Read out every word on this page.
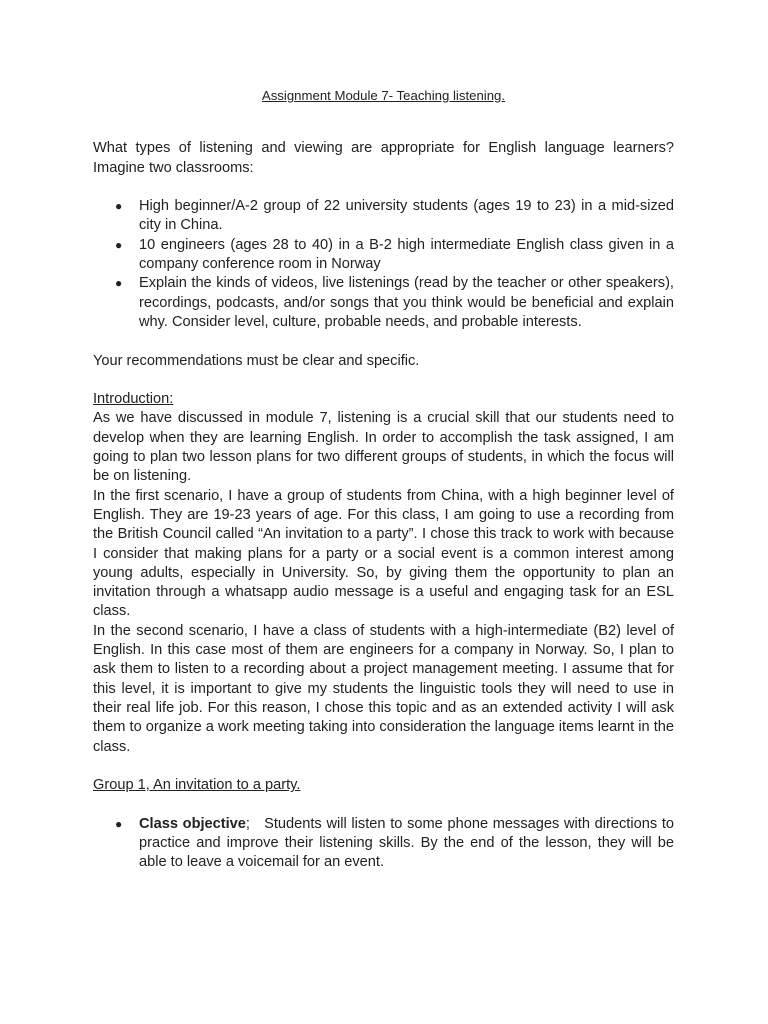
Assignment Module 7- Teaching listening.

What types of listening and viewing are appropriate for English language learners? Imagine two classrooms:

● High beginner/A-2 group of 22 university students (ages 19 to 23) in a mid-sized city in China.
● 10 engineers (ages 28 to 40) in a B-2 high intermediate English class given in a company conference room in Norway
● Explain the kinds of videos, live listenings (read by the teacher or other speakers), recordings, podcasts, and/or songs that you think would be beneficial and explain why. Consider level, culture, probable needs, and probable interests.

Your recommendations must be clear and specific.

Introduction:

As we have discussed in module 7, listening is a crucial skill that our students need to develop when they are learning English. In order to accomplish the task assigned, I am going to plan two lesson plans for two different groups of students, in which the focus will be on listening.

In the first scenario, I have a group of students from China, with a high beginner level of English. They are 19-23 years of age. For this class, I am going to use a recording from the British Council called “An invitation to a party”. I chose this track to work with because I consider that making plans for a party or a social event is a common interest among young adults, especially in University. So, by giving them the opportunity to plan an invitation through a whatsapp audio message is a useful and engaging task for an ESL class.

In the second scenario, I have a class of students with a high-intermediate (B2) level of English. In this case most of them are engineers for a company in Norway. So, I plan to ask them to listen to a recording about a project management meeting. I assume that for this level, it is important to give my students the linguistic tools they will need to use in their real life job. For this reason, I chose this topic and as an extended activity I will ask them to organize a work meeting taking into consideration the language items learnt in the class.

Group 1, An invitation to a party.

● Class objective; Students will listen to some phone messages with directions to practice and improve their listening skills. By the end of the lesson, they will be able to leave a voicemail for an event.
